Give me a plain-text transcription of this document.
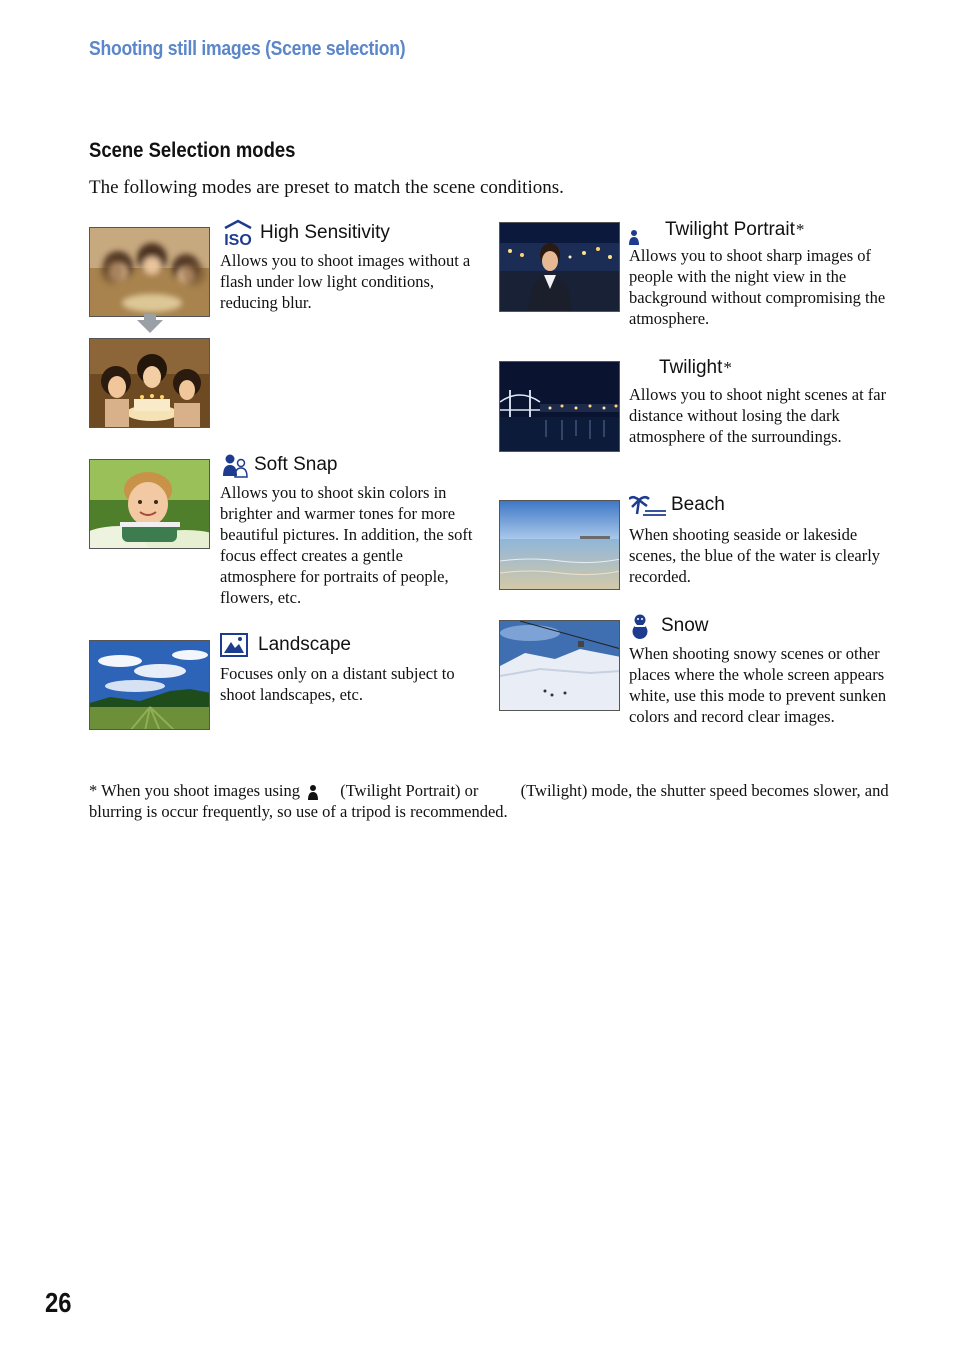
Shooting still images (Scene selection)

Scene Selection modes

The following modes are preset to match the scene conditions.

ISO High Sensitivity

Allows you to shoot images without a flash under low light conditions, reducing blur.

Soft Snap

Allows you to shoot skin colors in brighter and warmer tones for more beautiful pictures. In addition, the soft focus effect creates a gentle atmosphere for portraits of people, flowers, etc.

Landscape

Focuses only on a distant subject to shoot landscapes, etc.

Twilight Portrait *

Allows you to shoot sharp images of people with the night view in the background without compromising the atmosphere.

Twilight *

Allows you to shoot night scenes at far distance without losing the dark atmosphere of the surroundings.

Beach

When shooting seaside or lakeside scenes, the blue of the water is clearly recorded.

Snow

When shooting snowy scenes or other places where the whole screen appears white, use this mode to prevent sunken colors and record clear images.

* When you shoot images using (Twilight Portrait) or	(Twilight) mode, the shutter speed becomes slower, and blurring is occur frequently, so use of a tripod is recommended.

26
